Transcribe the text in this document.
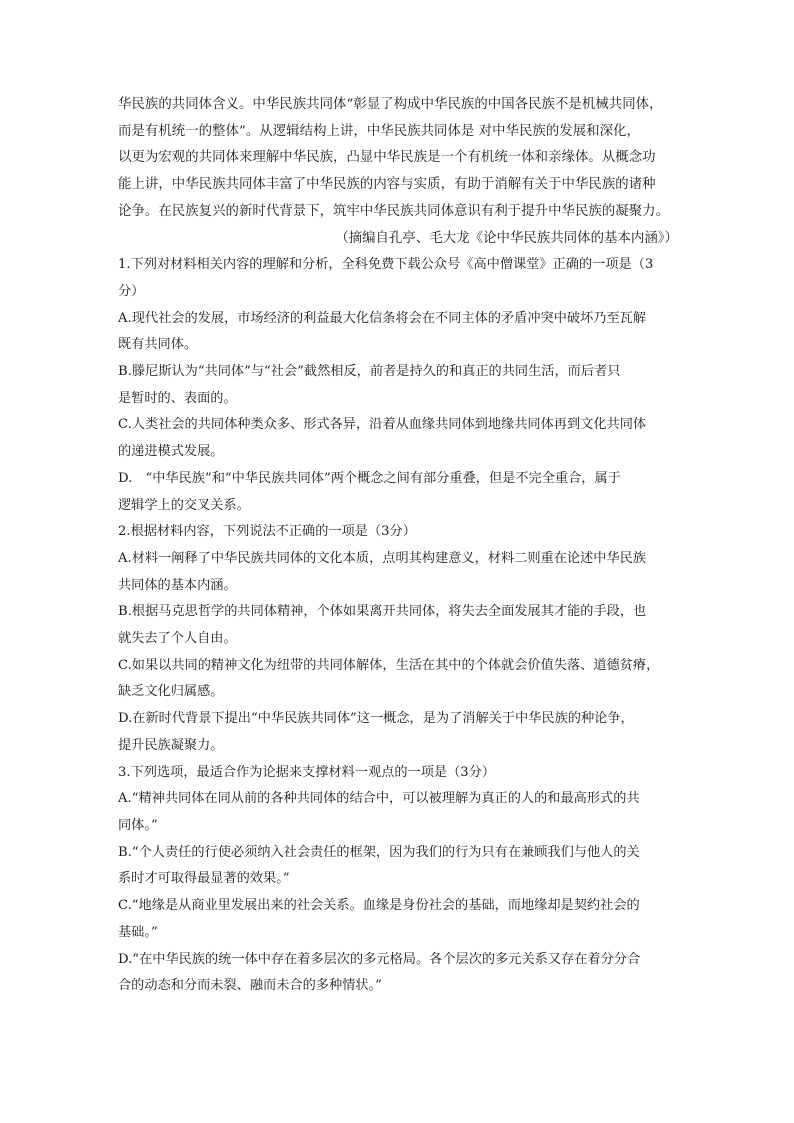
华民族的共同体含义。中华民族共同体“彰显了构成中华民族的中国各民族不是机械共同体，
而是有机统一的整体”。从逻辑结构上讲，中华民族共同体是 对中华民族的发展和深化，
以更为宏观的共同体来理解中华民族，凸显中华民族是一个有机统一体和亲缘体。从概念功
能上讲，中华民族共同体丰富了中华民族的内容与实质，有助于消解有关于中华民族的诸种
论争。在民族复兴的新时代背景下，筑牢中华民族共同体意识有利于提升中华民族的凝聚力。
（摘编自孔亭、毛大龙《论中华民族共同体的基本内涵》）
1.下列对材料相关内容的理解和分析，全科免费下载公众号《高中僧课堂》正确的一项是（3
分）
A.现代社会的发展，市场经济的利益最大化信条将会在不同主体的矛盾冲突中破坏乃至瓦解
既有共同体。
B.滕尼斯认为“共同体”与“社会”截然相反，前者是持久的和真正的共同生活，而后者只
是暂时的、表面的。
C.人类社会的共同体种类众多、形式各异，沿着从血缘共同体到地缘共同体再到文化共同体
的递进模式发展。
D.　“中华民族”和“中华民族共同体”两个概念之间有部分重叠，但是不完全重合，属于
逻辑学上的交叉关系。
2.根据材料内容，下列说法不正确的一项是（3分）
A.材料一阐释了中华民族共同体的文化本质，点明其构建意义，材料二则重在论述中华民族
共同体的基本内涵。
B.根据马克思哲学的共同体精神，个体如果离开共同体，将失去全面发展其才能的手段，也
就失去了个人自由。
C.如果以共同的精神文化为纽带的共同体解体，生活在其中的个体就会价值失落、道德贫瘠，
缺乏文化归属感。
D.在新时代背景下提出“中华民族共同体”这一概念，是为了消解关于中华民族的种论争，
提升民族凝聚力。
3.下列选项，最适合作为论据来支撑材料一观点的一项是（3分）
A.“精神共同体在同从前的各种共同体的结合中，可以被理解为真正的人的和最高形式的共
同体。”
B.“个人责任的行使必须纳入社会责任的框架，因为我们的行为只有在兼顾我们与他人的关
系时才可取得最显著的效果。”
C.“地缘是从商业里发展出来的社会关系。血缘是身份社会的基础，而地缘却是契约社会的
基础。”
D.“在中华民族的统一体中存在着多层次的多元格局。各个层次的多元关系又存在着分分合
合的动态和分而未裂、融而未合的多种情状。”
